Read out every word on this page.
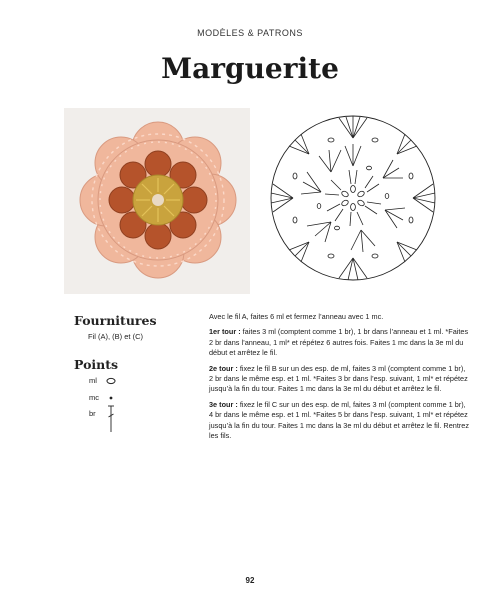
MODÈLES & PATRONS
Marguerite
Fournitures
Fil (A), (B) et (C)
Points
ml
mc
br

Avec le fil A, faites 6 ml et fermez l’anneau avec 1 mc.

1er tour : faites 3 ml (comptent comme 1 br), 1 br dans l’anneau et 1 ml. *Faites 2 br dans l’anneau, 1 ml* et répétez 6 autres fois. Faites 1 mc dans la 3e ml du début et arrêtez le fil.

2e tour : fixez le fil B sur un des esp. de ml, faites 3 ml (comptent comme 1 br), 2 br dans le même esp. et 1 ml. *Faites 3 br dans l’esp. suivant, 1 ml* et répétez jusqu’à la fin du tour. Faites 1 mc dans la 3e ml du début et arrêtez le fil.

3e tour : fixez le fil C sur un des esp. de ml, faites 3 ml (comptent comme 1 br), 4 br dans le même esp. et 1 ml. *Faites 5 br dans l’esp. suivant, 1 ml* et répétez jusqu’à la fin du tour. Faites 1 mc dans la 3e ml du début et arrêtez le fil. Rentrez les fils.

92
